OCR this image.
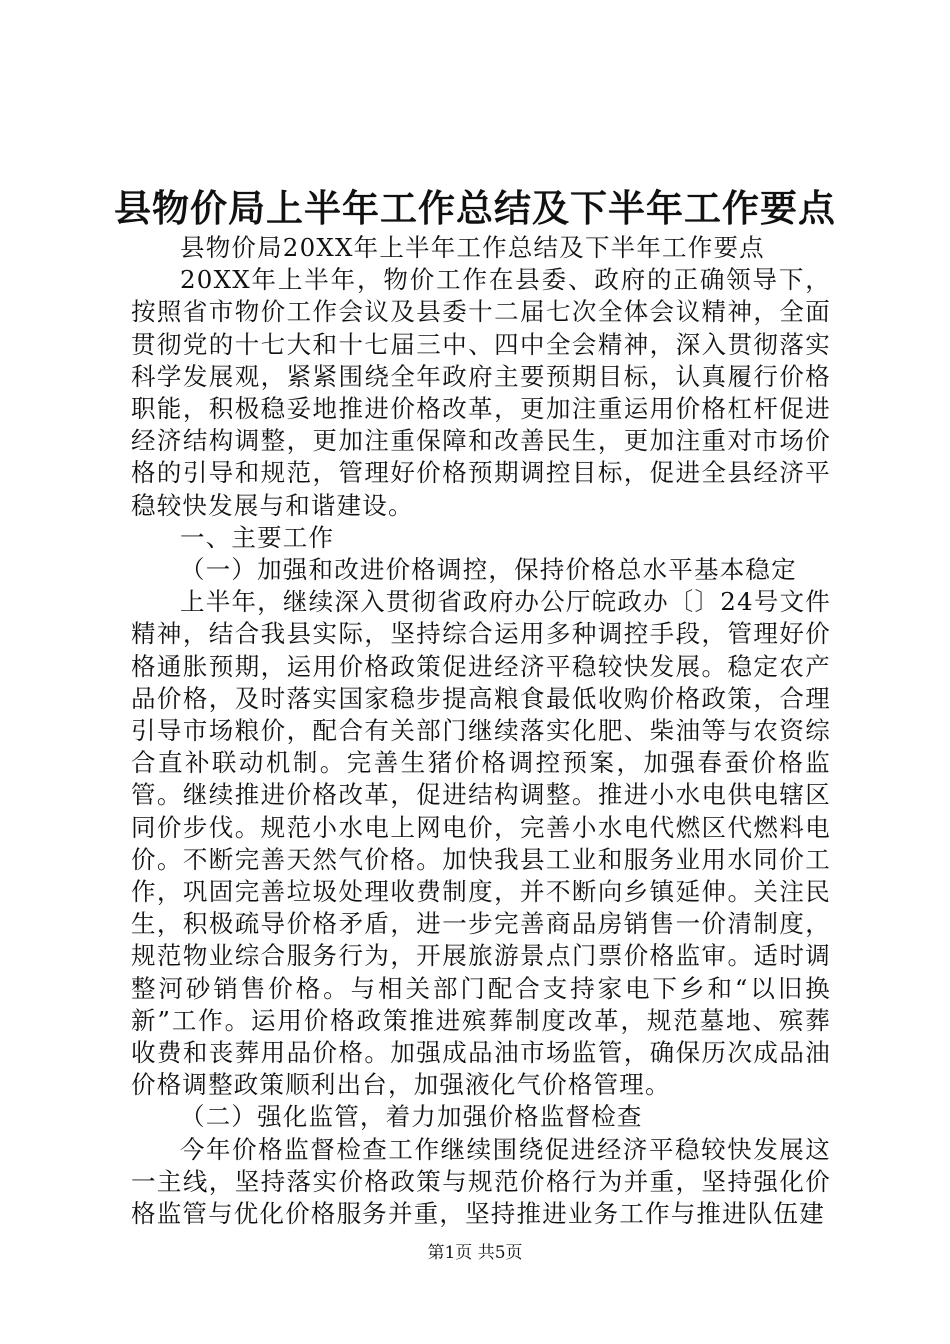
县物价局上半年工作总结及下半年工作要点

县物价局20XX年上半年工作总结及下半年工作要点

20XX年上半年，物价工作在县委、政府的正确领导下，按照省市物价工作会议及县委十二届七次全体会议精神，全面贯彻党的十七大和十七届三中、四中全会精神，深入贯彻落实科学发展观，紧紧围绕全年政府主要预期目标，认真履行价格职能，积极稳妥地推进价格改革，更加注重运用价格杠杆促进经济结构调整，更加注重保障和改善民生，更加注重对市场价格的引导和规范，管理好价格预期调控目标，促进全县经济平稳较快发展与和谐建设。

一、主要工作

（一）加强和改进价格调控，保持价格总水平基本稳定

上半年，继续深入贯彻省政府办公厅皖政办〔〕24号文件精神，结合我县实际，坚持综合运用多种调控手段，管理好价格通胀预期，运用价格政策促进经济平稳较快发展。稳定农产品价格，及时落实国家稳步提高粮食最低收购价格政策，合理引导市场粮价，配合有关部门继续落实化肥、柴油等与农资综合直补联动机制。完善生猪价格调控预案，加强春蚕价格监管。继续推进价格改革，促进结构调整。推进小水电供电辖区同价步伐。规范小水电上网电价，完善小水电代燃区代燃料电价。不断完善天然气价格。加快我县工业和服务业用水同价工作，巩固完善垃圾处理收费制度，并不断向乡镇延伸。关注民生，积极疏导价格矛盾，进一步完善商品房销售一价清制度，规范物业综合服务行为，开展旅游景点门票价格监审。适时调整河砂销售价格。与相关部门配合支持家电下乡和“以旧换新”工作。运用价格政策推进殡葬制度改革，规范墓地、殡葬收费和丧葬用品价格。加强成品油市场监管，确保历次成品油价格调整政策顺利出台，加强液化气价格管理。

（二）强化监管，着力加强价格监督检查

今年价格监督检查工作继续围绕促进经济平稳较快发展这一主线，坚持落实价格政策与规范价格行为并重，坚持强化价格监管与优化价格服务并重，坚持推进业务工作与推进队伍建

第1页 共5页
